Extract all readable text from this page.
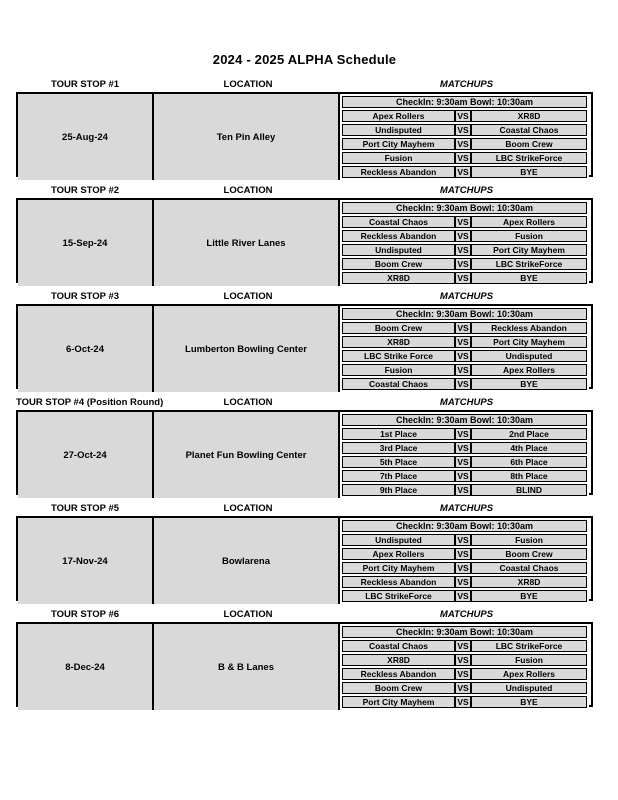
2024 - 2025 ALPHA Schedule
TOUR STOP #1	LOCATION	MATCHUPS
25-Aug-24	Ten Pin Alley
CheckIn: 9:30am Bowl: 10:30am
Apex Rollers	VS	XR8D
Undisputed	VS	Coastal Chaos
Port City Mayhem	VS	Boom Crew
Fusion	VS	LBC StrikeForce
Reckless Abandon	VS	BYE
TOUR STOP #2	LOCATION	MATCHUPS
15-Sep-24	Little River Lanes
CheckIn: 9:30am Bowl: 10:30am
Coastal Chaos	VS	Apex Rollers
Reckless Abandon	VS	Fusion
Undisputed	VS	Port City Mayhem
Boom Crew	VS	LBC StrikeForce
XR8D	VS	BYE
TOUR STOP #3	LOCATION	MATCHUPS
6-Oct-24	Lumberton Bowling Center
CheckIn: 9:30am Bowl: 10:30am
Boom Crew	VS	Reckless Abandon
XR8D	VS	Port City Mayhem
LBC Strike Force	VS	Undisputed
Fusion	VS	Apex Rollers
Coastal Chaos	VS	BYE
TOUR STOP #4 (Position Round)	LOCATION	MATCHUPS
27-Oct-24	Planet Fun Bowling Center
CheckIn: 9:30am Bowl: 10:30am
1st Place	VS	2nd Place
3rd Place	VS	4th Place
5th Place	VS	6th Place
7th Place	VS	8th Place
9th Place	VS	BLIND
TOUR STOP #5	LOCATION	MATCHUPS
17-Nov-24	Bowlarena
CheckIn: 9:30am Bowl: 10:30am
Undisputed	VS	Fusion
Apex Rollers	VS	Boom Crew
Port City Mayhem	VS	Coastal Chaos
Reckless Abandon	VS	XR8D
LBC StrikeForce	VS	BYE
TOUR STOP #6	LOCATION	MATCHUPS
8-Dec-24	B & B Lanes
CheckIn: 9:30am Bowl: 10:30am
Coastal Chaos	VS	LBC StrikeForce
XR8D	VS	Fusion
Reckless Abandon	VS	Apex Rollers
Boom Crew	VS	Undisputed
Port City Mayhem	VS	BYE
